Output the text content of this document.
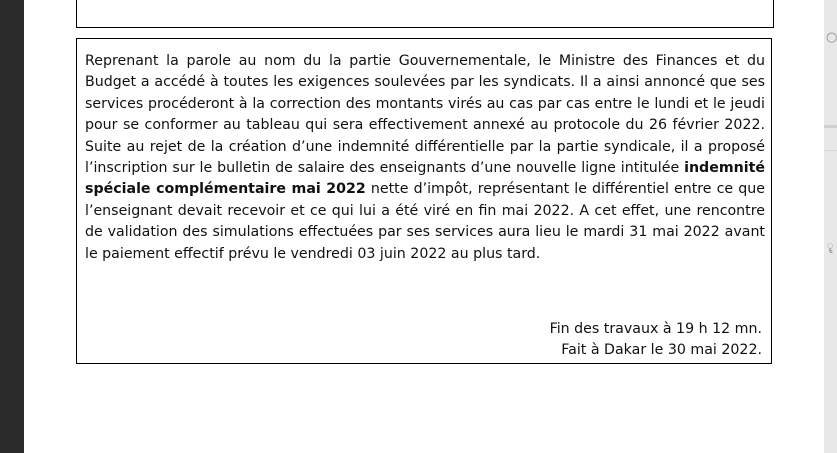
○
ॄ
Reprenant la parole au nom du la partie Gouvernementale, le Ministre des Finances et du Budget a accédé à toutes les exigences soulevées par les syndicats. Il a ainsi annoncé que ses services procéderont à la correction des montants virés au cas par cas entre le lundi et le jeudi pour se conformer au tableau qui sera effectivement annexé au protocole du 26 février 2022. Suite au rejet de la création d’une indemnité différentielle par la partie syndicale, il a proposé l’inscription sur le bulletin de salaire des enseignants d’une nouvelle ligne intitulée indemnité spéciale complémentaire mai 2022 nette d’impôt, représentant le différentiel entre ce que l’enseignant devait recevoir et ce qui lui a été viré en fin mai 2022. A cet effet, une rencontre de validation des simulations effectuées par ses services aura lieu le mardi 31 mai 2022 avant le paiement effectif prévu le vendredi 03 juin 2022 au plus tard.
Fin des travaux à 19 h 12 mn.
Fait à Dakar le 30 mai 2022.
